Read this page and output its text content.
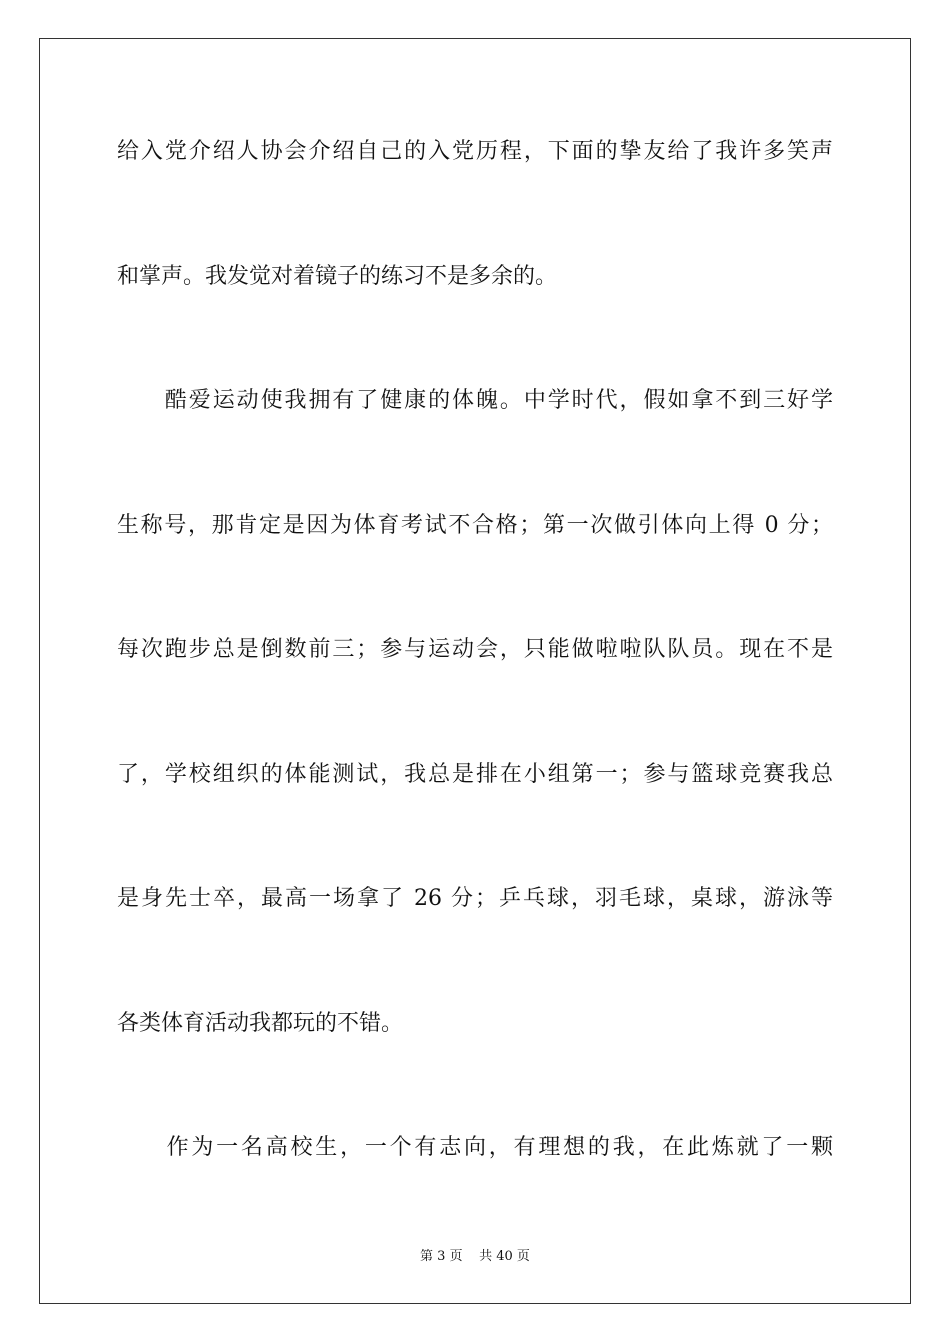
给入党介绍人协会介绍自己的入党历程，下面的挚友给了我许多笑声
和掌声。我发觉对着镜子的练习不是多余的。
　　酷爱运动使我拥有了健康的体魄。中学时代，假如拿不到三好学
生称号，那肯定是因为体育考试不合格；第一次做引体向上得 0 分；
每次跑步总是倒数前三；参与运动会，只能做啦啦队队员。现在不是
了，学校组织的体能测试，我总是排在小组第一；参与篮球竞赛我总
是身先士卒，最高一场拿了 26 分；乒乓球，羽毛球，桌球，游泳等
各类体育活动我都玩的不错。
　　作为一名高校生，一个有志向，有理想的我，在此炼就了一颗
第 3 页 共 40 页
